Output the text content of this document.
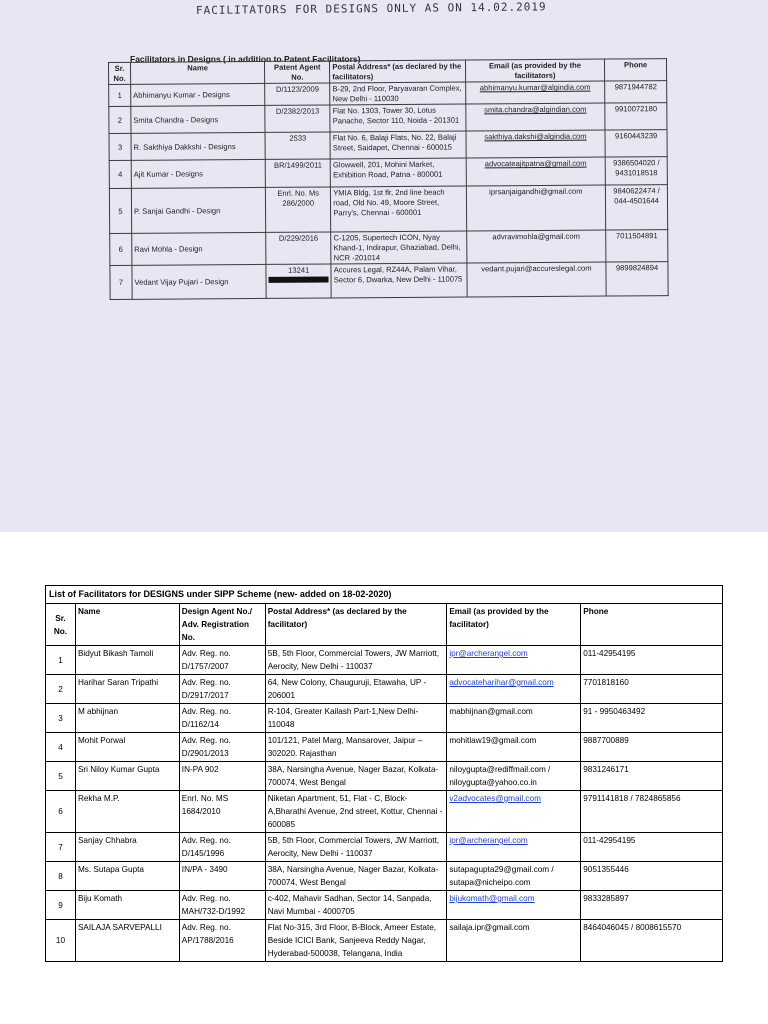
FACILITATORS FOR DESIGNS ONLY AS ON 14.02.2019
Facilitators in Designs ( in addition to Patent Facilitators)
Sr. No.	Name	Patent Agent No.	Postal Address* (as declared by the facilitators)	Email (as provided by the facilitators)	Phone
1	Abhimanyu Kumar - Designs	D/1123/2009	B-29, 2nd Floor, Paryavaran Complex, New Delhi - 110030	abhimanyu.kumar@algindia.com	9871944782
2	Smita Chandra - Designs	D/2382/2013	Flat No. 1303, Tower 30, Lotus Panache, Sector 110, Noida - 201301	smita.chandra@algindian.com	9910072180
3	R. Sakthiya Dakkshi - Designs	2533	Flat No. 6, Balaji Flats, No. 22, Balaji Street, Saidapet, Chennai - 600015	sakthiya.dakshi@algindia.com	9160443239
4	Ajit Kumar - Designs	BR/1499/2011	Glowwell, 201, Mohini Market, Exhibition Road, Patna - 800001	advocateajitpatna@gmail.com	9386504020 / 9431018518
5	P. Sanjai Gandhi - Design	Enrl. No. Ms 286/2000	YMIA Bldg, 1st flr, 2nd line beach road, Old No. 49, Moore Street, Parry's, Chennai - 600001	iprsanjaigandhi@gmail.com	9840622474 / 044-4501644
6	Ravi Mohla - Design	D/229/2016	C-1205, Supertech ICON, Nyay Khand-1, Indirapur, Ghaziabad, Delhi, NCR -201014	advravimohla@gmail.com	7011504891
7	Vedant Vijay Pujari - Design	13241	Accures Legal, RZ44A, Palam Vihar, Sector 6, Dwarka, New Delhi - 110075	vedant.pujari@accureslegal.com	9899824894
List of Facilitators for DESIGNS under SIPP Scheme (new- added on 18-02-2020)					
Sr. No.	Name	Design Agent No./ Adv. Registration No.	Postal Address* (as declared by the facilitator)	Email (as provided by the facilitator)	Phone
1	Bidyut Bikash Tamoli	Adv. Reg. no. D/1757/2007	5B, 5th Floor, Commercial Towers, JW Marriott, Aerocity, New Delhi - 110037	ipr@archerangel.com	011-42954195
2	Harihar Saran Tripathi	Adv. Reg. no. D/2917/2017	64, New Colony, Chauguruji, Etawaha, UP - 206001	advocateharihar@gmail.com	7701818160
3	M abhijnan	Adv. Reg. no. D/1162/14	R-104, Greater Kailash Part-1,New Delhi- 110048	mabhijnan@gmail.com	91 - 9950463492
4	Mohit Porwal	Adv. Reg. no. D/2901/2013	101/121, Patel Marg, Mansarover, Jaipur – 302020. Rajasthan	mohitlaw19@gmail.com	9887700889
5	Sri Niloy Kumar Gupta	IN-PA 902	38A, Narsingha Avenue, Nager Bazar, Kolkata- 700074, West Bengal	niloygupta@rediffmail.com / niloygupta@yahoo.co.in	9831246171
6	Rekha M.P.	Enrl. No. MS 1684/2010	Niketan Apartment, 51, Flat - C, Block-A,Bharathi Avenue, 2nd street, Kottur, Chennai - 600085	v2advocates@gmail.com	9791141818 / 7824865856
7	Sanjay Chhabra	Adv. Reg. no. D/145/1996	5B, 5th Floor, Commercial Towers, JW Marriott, Aerocity, New Delhi - 110037	ipr@archerangel.com	011-42954195
8	Ms. Sutapa Gupta	IN/PA - 3490	38A, Narsingha Avenue, Nager Bazar, Kolkata- 700074, West Bengal	sutapagupta29@gmail.com / sutapa@nicheipo.com	9051355446
9	Biju Komath	Adv. Reg. no. MAH/732-D/1992	c-402, Mahavir Sadhan, Sector 14, Sanpada, Navi Mumbai - 4000705	bijukomath@gmail.com	9833285897
10	SAILAJA SARVEPALLI	Adv. Reg. no. AP/1788/2016	Flat No-315, 3rd Floor, B-Block, Ameer Estate, Beside ICICI Bank, Sanjeeva Reddy Nagar, Hyderabad-500038, Telangana, India	sailaja.ipr@gmail.com	8464046045 / 8008615570
